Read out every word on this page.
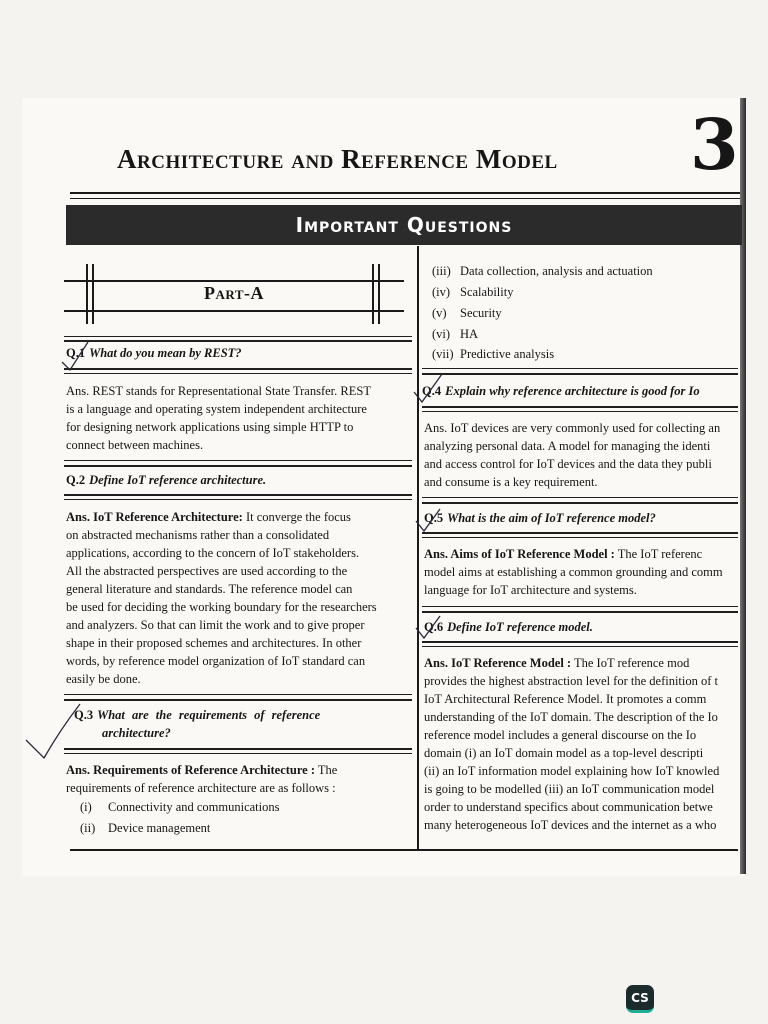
Architecture and Reference Model	3
Important Questions
Part-A

Q.1 What do you mean by REST?

Ans. REST stands for Representational State Transfer. REST
is a language and operating system independent architecture
for designing network applications using simple HTTP to
connect between machines.

Q.2 Define IoT reference architecture.

Ans. IoT Reference Architecture: It converge the focus
on abstracted mechanisms rather than a consolidated
applications, according to the concern of IoT stakeholders.
All the abstracted perspectives are used according to the
general literature and standards. The reference model can
be used for deciding the working boundary for the researchers
and analyzers. So that can limit the work and to give proper
shape in their proposed schemes and architectures. In other
words, by reference model organization of IoT standard can
easily be done.

Q.3 What are the requirements of reference

architecture?

Ans. Requirements of Reference Architecture : The
requirements of reference architecture are as follows :

(i) Connectivity and communications

(ii) Device management

(iii) Data collection, analysis and actuation

(iv) Scalability

(v) Security

(vi) HA

(vii) Predictive analysis

Q.4 Explain why reference architecture is good for Io

Ans. IoT devices are very commonly used for collecting an
analyzing personal data. A model for managing the identi
and access control for IoT devices and the data they publi
and consume is a key requirement.

Q.5 What is the aim of IoT reference model?

Ans. Aims of IoT Reference Model : The IoT referenc
model aims at establishing a common grounding and comm
language for IoT architecture and systems.

Q.6 Define IoT reference model.

Ans. IoT Reference Model : The IoT reference mod
provides the highest abstraction level for the definition of t
IoT Architectural Reference Model. It promotes a comm
understanding of the IoT domain. The description of the Io
reference model includes a general discourse on the Io
domain (i) an IoT domain model as a top-level descripti
(ii) an IoT information model explaining how IoT knowled
is going to be modelled (iii) an IoT communication model
order to understand specifics about communication betwe
many heterogeneous IoT devices and the internet as a who
CS
